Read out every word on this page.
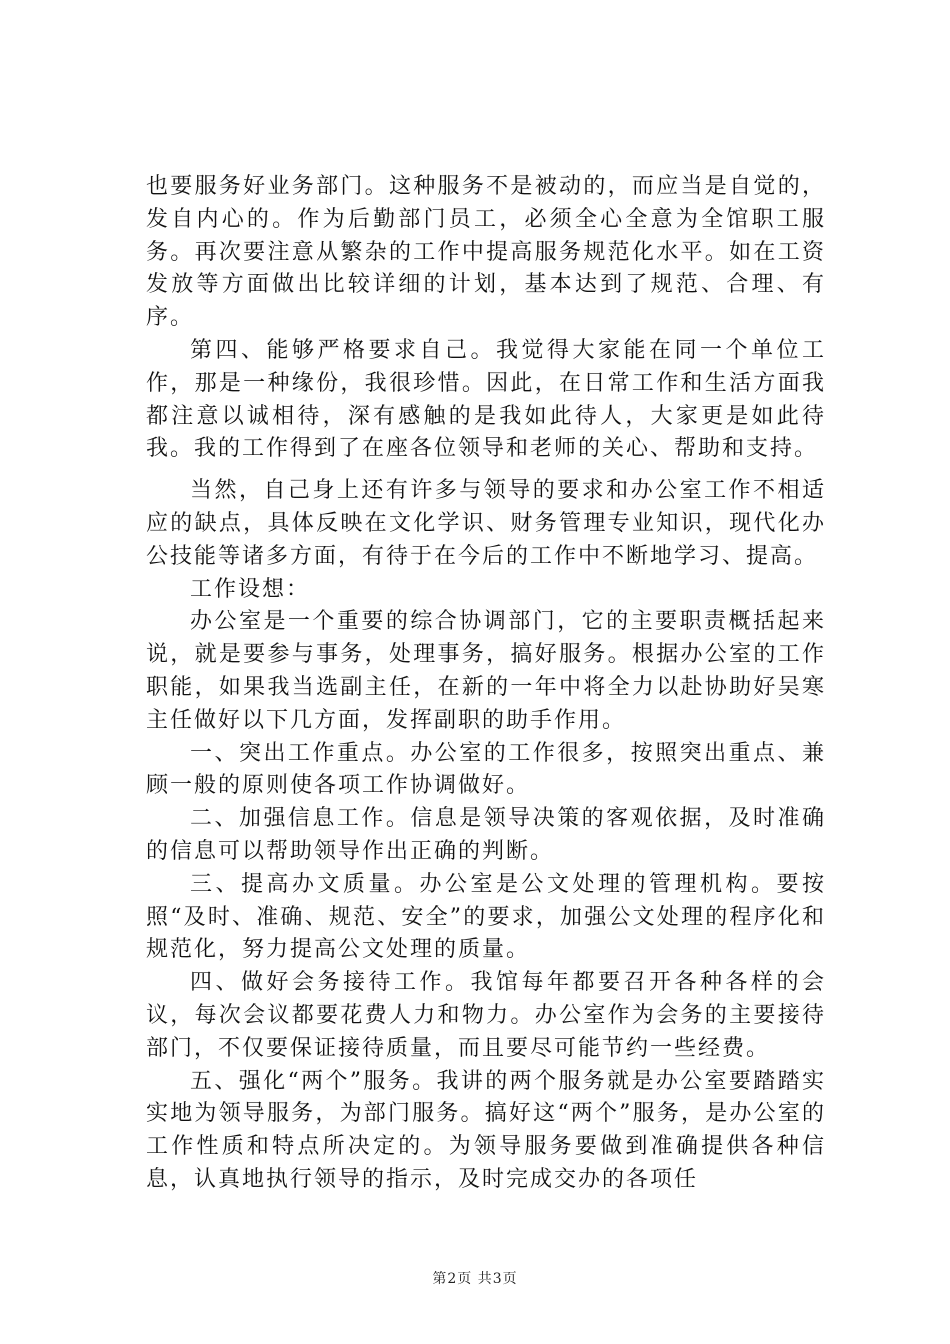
也要服务好业务部门。这种服务不是被动的，而应当是自觉的，发自内心的。作为后勤部门员工，必须全心全意为全馆职工服务。再次要注意从繁杂的工作中提高服务规范化水平。如在工资发放等方面做出比较详细的计划，基本达到了规范、合理、有序。

第四、能够严格要求自己。我觉得大家能在同一个单位工作，那是一种缘份，我很珍惜。因此，在日常工作和生活方面我都注意以诚相待，深有感触的是我如此待人，大家更是如此待我。我的工作得到了在座各位领导和老师的关心、帮助和支持。

当然，自己身上还有许多与领导的要求和办公室工作不相适应的缺点，具体反映在文化学识、财务管理专业知识，现代化办公技能等诸多方面，有待于在今后的工作中不断地学习、提高。

工作设想：

办公室是一个重要的综合协调部门，它的主要职责概括起来说，就是要参与事务，处理事务，搞好服务。根据办公室的工作职能，如果我当选副主任，在新的一年中将全力以赴协助好吴寒主任做好以下几方面，发挥副职的助手作用。

一、突出工作重点。办公室的工作很多，按照突出重点、兼顾一般的原则使各项工作协调做好。

二、加强信息工作。信息是领导决策的客观依据，及时准确的信息可以帮助领导作出正确的判断。

三、提高办文质量。办公室是公文处理的管理机构。要按照“及时、准确、规范、安全”的要求，加强公文处理的程序化和规范化，努力提高公文处理的质量。

四、做好会务接待工作。我馆每年都要召开各种各样的会议，每次会议都要花费人力和物力。办公室作为会务的主要接待部门，不仅要保证接待质量，而且要尽可能节约一些经费。

五、强化“两个”服务。我讲的两个服务就是办公室要踏踏实实地为领导服务，为部门服务。搞好这“两个”服务，是办公室的工作性质和特点所决定的。为领导服务要做到准确提供各种信息，认真地执行领导的指示，及时完成交办的各项任

第2页 共3页
